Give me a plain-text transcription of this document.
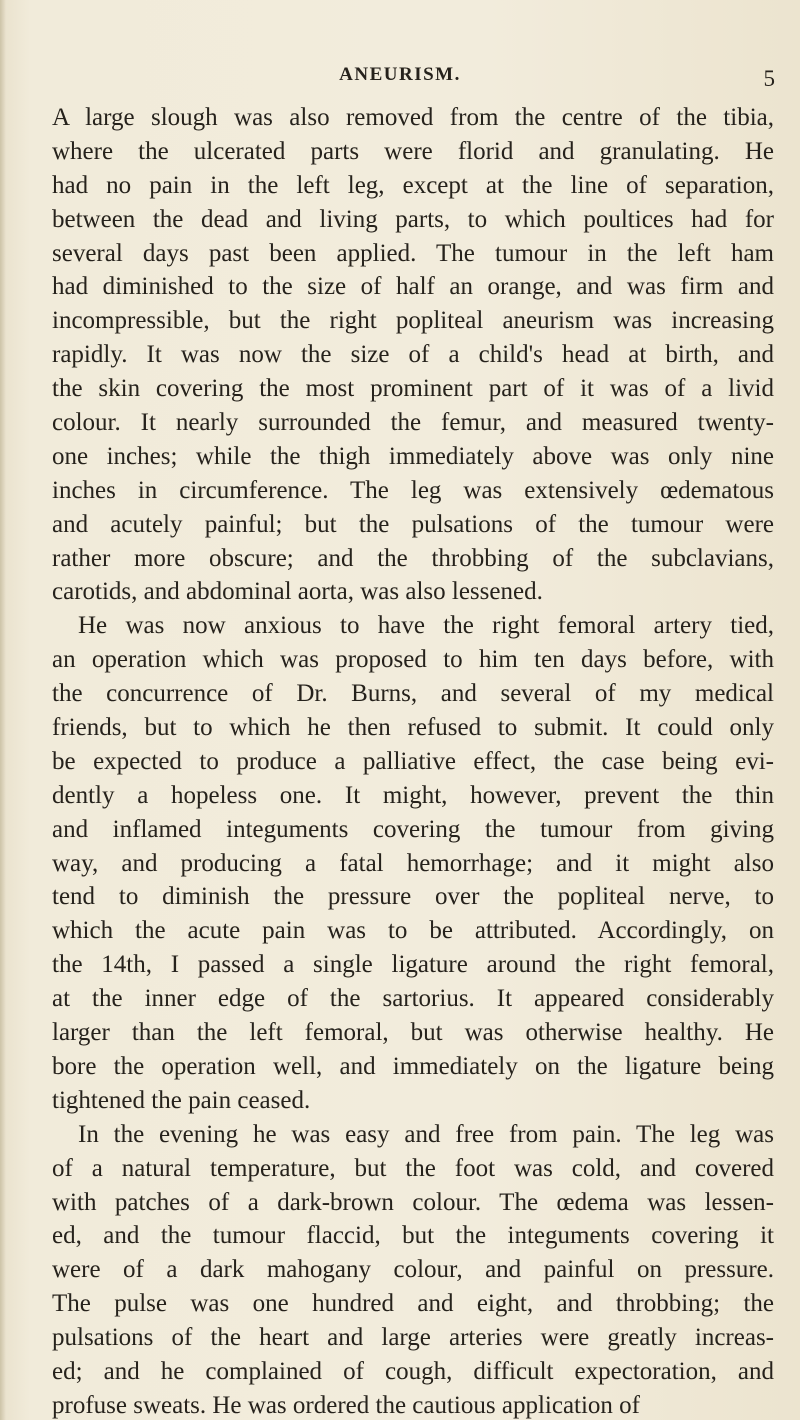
ANEURISM.	5
A large slough was also removed from the centre of the tibia,
where the ulcerated parts were florid and granulating. He
had no pain in the left leg, except at the line of separation,
between the dead and living parts, to which poultices had for
several days past been applied. The tumour in the left ham
had diminished to the size of half an orange, and was firm and
incompressible, but the right popliteal aneurism was increasing
rapidly. It was now the size of a child's head at birth, and
the skin covering the most prominent part of it was of a livid
colour. It nearly surrounded the femur, and measured twenty-
one inches; while the thigh immediately above was only nine
inches in circumference. The leg was extensively œdematous
and acutely painful; but the pulsations of the tumour were
rather more obscure; and the throbbing of the subclavians,
carotids, and abdominal aorta, was also lessened.
He was now anxious to have the right femoral artery tied,
an operation which was proposed to him ten days before, with
the concurrence of Dr. Burns, and several of my medical
friends, but to which he then refused to submit. It could only
be expected to produce a palliative effect, the case being evi-
dently a hopeless one. It might, however, prevent the thin
and inflamed integuments covering the tumour from giving
way, and producing a fatal hemorrhage; and it might also
tend to diminish the pressure over the popliteal nerve, to
which the acute pain was to be attributed. Accordingly, on
the 14th, I passed a single ligature around the right femoral,
at the inner edge of the sartorius. It appeared considerably
larger than the left femoral, but was otherwise healthy. He
bore the operation well, and immediately on the ligature being
tightened the pain ceased.
In the evening he was easy and free from pain. The leg was
of a natural temperature, but the foot was cold, and covered
with patches of a dark-brown colour. The œdema was lessen-
ed, and the tumour flaccid, but the integuments covering it
were of a dark mahogany colour, and painful on pressure.
The pulse was one hundred and eight, and throbbing; the
pulsations of the heart and large arteries were greatly increas-
ed; and he complained of cough, difficult expectoration, and
profuse sweats. He was ordered the cautious application of
